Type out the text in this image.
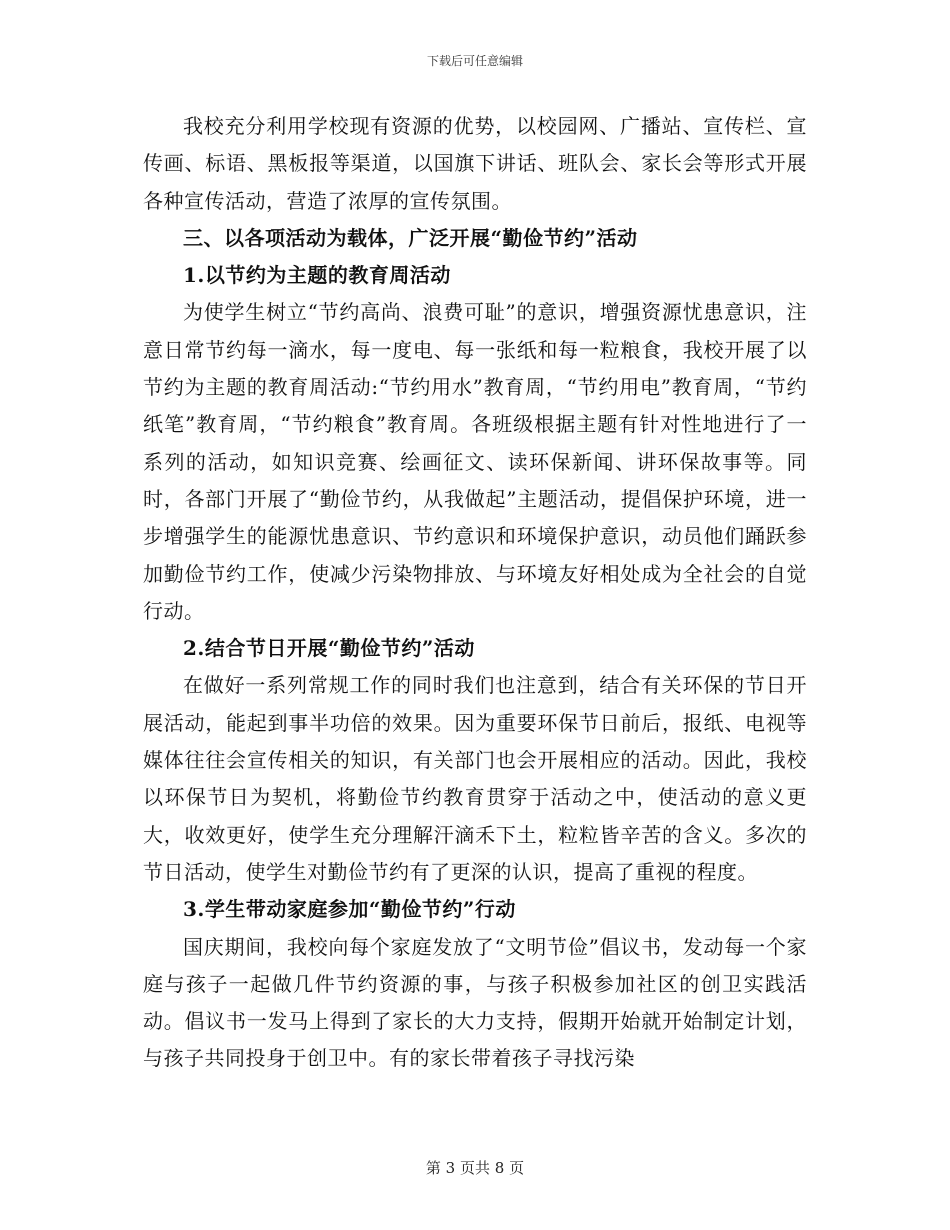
下载后可任意编辑

我校充分利用学校现有资源的优势，以校园网、广播站、宣传栏、宣传画、标语、黑板报等渠道，以国旗下讲话、班队会、家长会等形式开展各种宣传活动，营造了浓厚的宣传氛围。

三、以各项活动为载体，广泛开展“勤俭节约”活动

1.以节约为主题的教育周活动

为使学生树立“节约高尚、浪费可耻”的意识，增强资源忧患意识，注意日常节约每一滴水，每一度电、每一张纸和每一粒粮食，我校开展了以节约为主题的教育周活动:“节约用水”教育周，“节约用电”教育周，“节约纸笔”教育周，“节约粮食”教育周。各班级根据主题有针对性地进行了一系列的活动，如知识竞赛、绘画征文、读环保新闻、讲环保故事等。同时，各部门开展了“勤俭节约，从我做起”主题活动，提倡保护环境，进一步增强学生的能源忧患意识、节约意识和环境保护意识，动员他们踊跃参加勤俭节约工作，使减少污染物排放、与环境友好相处成为全社会的自觉行动。

2.结合节日开展“勤俭节约”活动

在做好一系列常规工作的同时我们也注意到，结合有关环保的节日开展活动，能起到事半功倍的效果。因为重要环保节日前后，报纸、电视等媒体往往会宣传相关的知识，有关部门也会开展相应的活动。因此，我校以环保节日为契机，将勤俭节约教育贯穿于活动之中，使活动的意义更大，收效更好，使学生充分理解汗滴禾下土，粒粒皆辛苦的含义。多次的节日活动，使学生对勤俭节约有了更深的认识，提高了重视的程度。

3.学生带动家庭参加“勤俭节约”行动

国庆期间，我校向每个家庭发放了“文明节俭”倡议书，发动每一个家庭与孩子一起做几件节约资源的事，与孩子积极参加社区的创卫实践活动。倡议书一发马上得到了家长的大力支持，假期开始就开始制定计划，与孩子共同投身于创卫中。有的家长带着孩子寻找污染

第 3 页共 8 页
